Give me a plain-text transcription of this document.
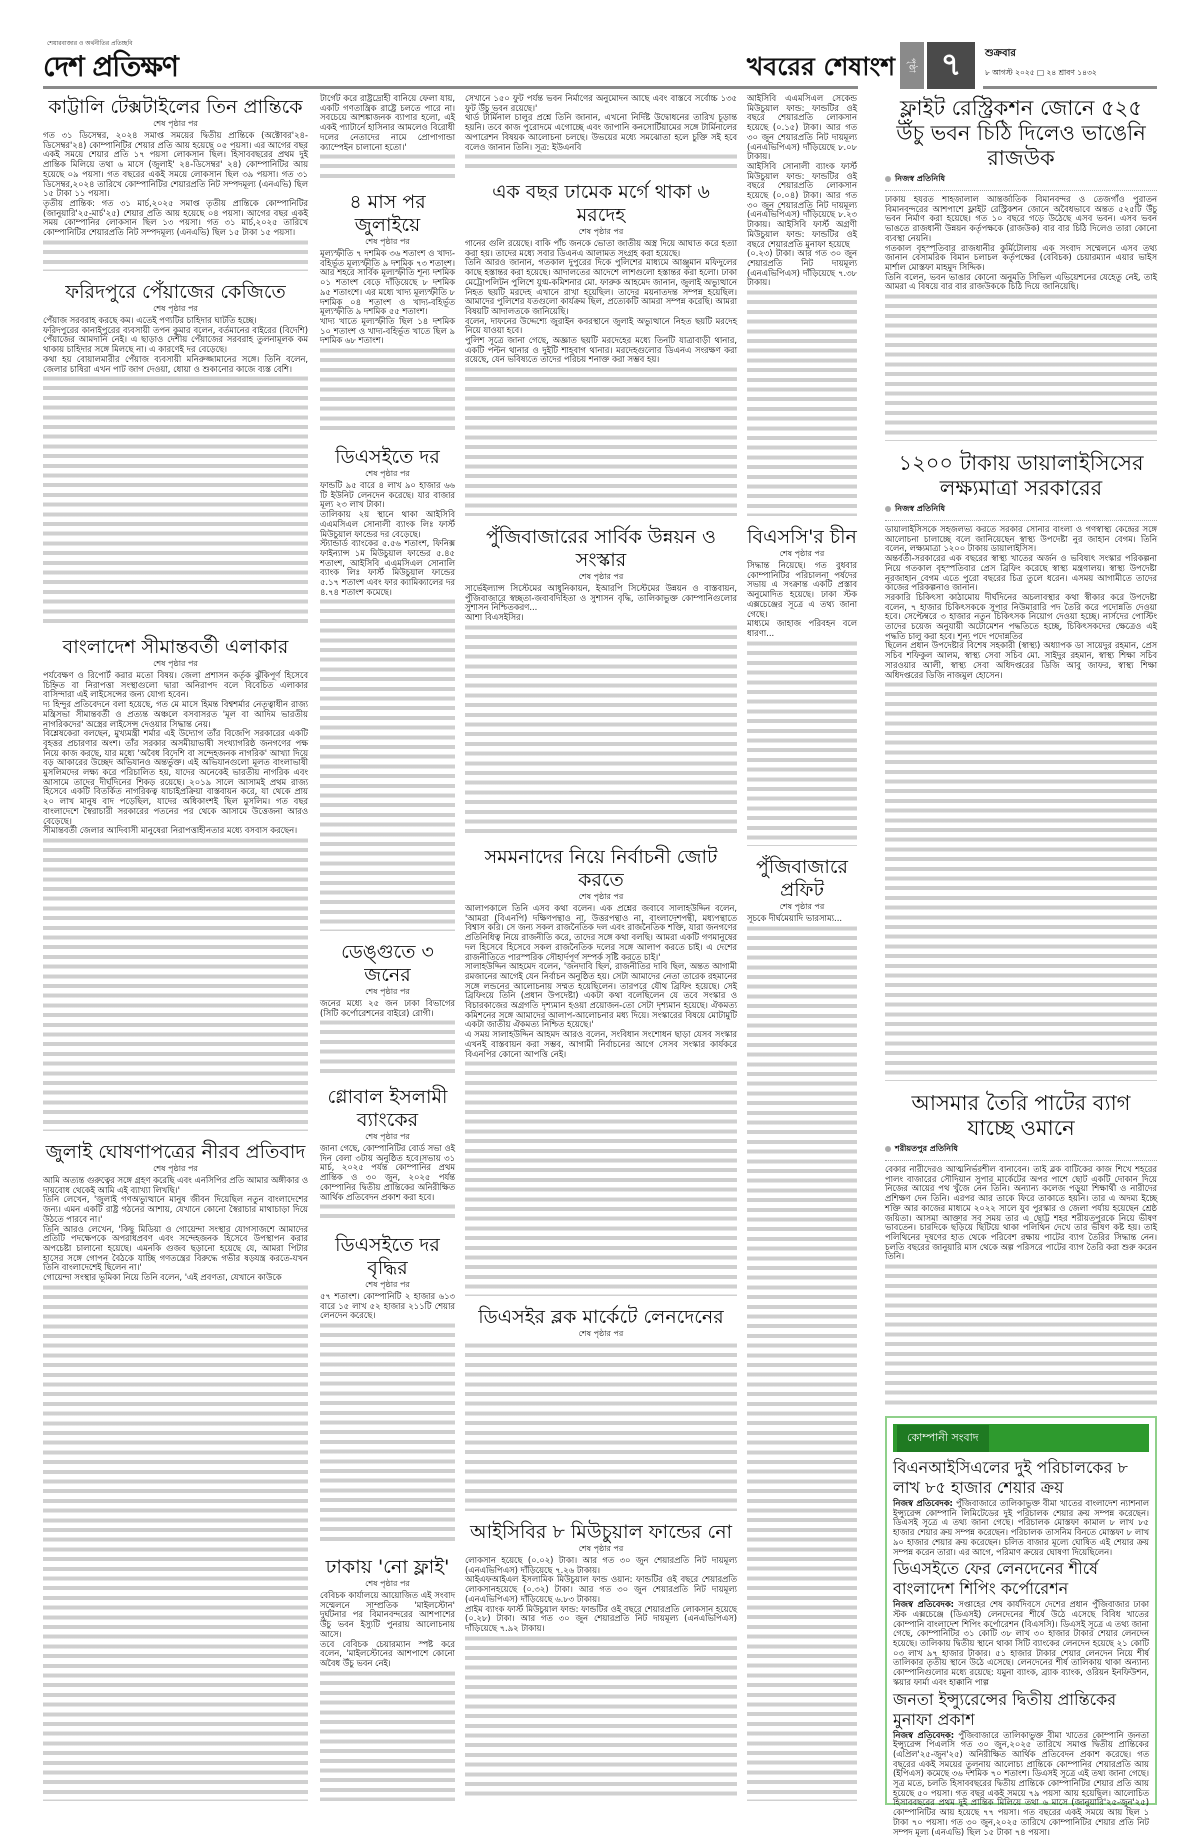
শেয়ারবাজার ও অর্থনীতির প্রতিচ্ছবি
দেশ প্রতিক্ষণ	খবরের শেষাংশ	পৃষ্ঠা ৭	শুক্রবার
৮ আগস্ট ২০২৫ □ ২৪ শ্রাবণ ১৪৩২
কাট্টালি টেক্সটাইলের তিন প্রান্তিকে
শেষ পৃষ্ঠার পর

গত ৩১ ডিসেম্বর, ২০২৪ সমাপ্ত সময়ের দ্বিতীয় প্রান্তিকে (অক্টোবর'২৪-ডিসেম্বর'২৪) কোম্পানিটির শেয়ার প্রতি আয় হয়েছে ০৫ পয়সা। এর আগের বছর একই সময়ে শেয়ার প্রতি ১৭ পয়সা লোকসান ছিল। হিসাববছরের প্রথম দুই প্রান্তিক মিলিয়ে তথা ৬ মাসে (জুলাই' ২৪-ডিসেম্বর' ২৪) কোম্পানিটির আয় হয়েছে ০৯ পয়সা। গত বছরের একই সময়ে লোকসান ছিল ৩৯ পয়সা। গত ৩১ ডিসেম্বর,২০২৪ তারিখে কোম্পানিটির শেয়ারপ্রতি নিট সম্পদমূল্য (এনএভি) ছিল ১৫ টাকা ১১ পয়সা।

তৃতীয় প্রান্তিক: গত ৩১ মার্চ,২০২৫ সমাপ্ত তৃতীয় প্রান্তিকে কোম্পানিটির (জানুয়ারি'২৫-মার্চ'২৫) শেয়ার প্রতি আয় হয়েছে ০৪ পয়সা। আগের বছর একই সময় কোম্পানির লোকসান ছিল ১৩ পয়সা। গত ৩১ মার্চ,২০২৫ তারিখে কোম্পানিটির শেয়ারপ্রতি নিট সম্পদমূল্য (এনএভি) ছিল ১৫ টাকা ১৫ পয়সা।

ফরিদপুরে পেঁয়াজের কেজিতে
শেষ পৃষ্ঠার পর

পেঁয়াজ সরবরাহ করছে কম। এতেই পণ্যটির চাহিদার ঘাটতি হচ্ছে।

ফরিদপুরের কানাইপুরের ব্যবসায়ী তপন কুমার বলেন, বর্তমানের বাইরের (বিদেশি) পেঁয়াজের আমদানি নেই। এ ছাড়াও দেশীয় পেঁয়াজের সরবরাহ তুলনামূলক কম থাকায় চাহিদার সঙ্গে মিলছে না। এ কারণেই দর বেড়েছে।

কথা হয় বোয়ালমারীর পেঁয়াজ ব্যবসায়ী মনিরুজ্জামানের সঙ্গে। তিনি বলেন, জেলার চাষিরা এখন পাট জাগ দেওয়া, ধোয়া ও শুকানোর কাজে ব্যস্ত বেশি।

বাংলাদেশ সীমান্তবর্তী এলাকার
শেষ পৃষ্ঠার পর

পর্যবেক্ষণ ও রিপোর্ট করার মতো বিষয়। জেলা প্রশাসন কর্তৃক ঝুঁকিপূর্ণ হিসেবে চিহ্নিত বা নিরাপত্তা সংস্থাগুলো দ্বারা অনিরাপদ বলে বিবেচিত এলাকার বাসিন্দারা এই লাইসেন্সের জন্য যোগ্য হবেন।

দ্য হিন্দুর প্রতিবেদনে বলা হয়েছে, গত মে মাসে হিমন্ত বিশ্বশর্মার নেতৃত্বাধীন রাজ্য মন্ত্রিসভা সীমান্তবর্তী ও প্রত্যন্ত অঞ্চলে বসবাসরত 'মূল বা আদিম ভারতীয় নাগরিকদের' অস্ত্রের লাইসেন্স দেওয়ার সিদ্ধান্ত নেয়।

বিশ্লেষকেরা বলছেন, মুখ্যমন্ত্রী শর্মার এই উদ্যোগ তাঁর বিজেপি সরকারের একটি বৃহত্তর প্রচারণার অংশ। তাঁর সরকার অসমীয়াভাষী সংখ্যাগরিষ্ঠ জনগণের পক্ষ নিয়ে কাজ করছে, যার মধ্যে 'অবৈধ বিদেশি বা সন্দেহজনক নাগরিক' আখ্যা দিয়ে বড় আকারের উচ্ছেদ অভিযানও অন্তর্ভুক্ত। এই অভিযানগুলো মূলত বাংলাভাষী মুসলিমদের লক্ষ্য করে পরিচালিত হয়, যাদের অনেকেই ভারতীয় নাগরিক এবং আসামে তাদের দীর্ঘদিনের শিকড় রয়েছে। ২০১৯ সালে আসামই প্রথম রাজ্য হিসেবে একটি বিতর্কিত নাগরিকত্ব যাচাইপ্রক্রিয়া বাস্তবায়ন করে, যা থেকে প্রায় ২০ লাখ মানুষ বাদ পড়েছিল, যাদের অধিকাংশই ছিল মুসলিম। গত বছর বাংলাদেশে স্বৈরাচারী সরকারের পতনের পর থেকে আসামে উত্তেজনা আরও বেড়েছে।

সীমান্তবর্তী জেলার আদিবাসী মানুষেরা নিরাপত্তাহীনতার মধ্যে বসবাস করছেন।

জুলাই ঘোষণাপত্রের নীরব প্রতিবাদ
শেষ পৃষ্ঠার পর

আমি অত্যন্ত গুরুত্বের সঙ্গে গ্রহণ করেছি এবং এনসিপির প্রতি আমার অঙ্গীকার ও দায়বোধ থেকেই আমি এই ব্যাখ্যা লিখছি।'

তিনি লেখেন, 'জুলাই গণঅভ্যুত্থানে মানুষ জীবন দিয়েছিল নতুন বাংলাদেশের জন্য। এমন একটি রাষ্ট্র গঠনের আশায়, যেখানে কোনো স্বৈরাচার মাথাচাড়া দিয়ে উঠতে পারবে না।'

তিনি আরও লেখেন, 'কিছু মিডিয়া ও গোয়েন্দা সংস্থার যোগসাজশে আমাদের প্রতিটি পদক্ষেপকে অপরাধপ্রবণ এবং সন্দেহজনক হিসেবে উপস্থাপন করার অপচেষ্টা চালানো হয়েছে। এমনকি গুজব ছড়ানো হয়েছে যে, আমরা পিটার হাসের সঙ্গে গোপন বৈঠকে যাচ্ছি গণতন্ত্রের বিরুদ্ধে গভীর ষড়যন্ত্র করতে-যখন তিনি বাংলাদেশেই ছিলেন না।'

গোয়েন্দা সংস্থার ভূমিকা নিয়ে তিনি বলেন, 'এই প্রবণতা, যেখানে কাউকে

টার্গেট করে রাষ্ট্রদ্রোহী বানিয়ে ফেলা যায়, একটি গণতান্ত্রিক রাষ্ট্রে চলতে পারে না। সবচেয়ে আশঙ্কাজনক ব্যাপার হলো, এই একই প্যাটার্নে হাসিনার আমলেও বিরোধী দলের নেতাদের নামে প্রোপাগান্ডা ক্যাম্পেইন চালানো হতো।'

৪ মাস পর জুলাইয়ে
শেষ পৃষ্ঠার পর

মূল্যস্ফীতি ৭ দশমিক ৩৬ শতাংশ ও খাদ্য-বহির্ভূত মূল্যস্ফীতি ৯ দশমিক ৭৩ শতাংশ। আর শহরে সার্বিক মূল্যস্ফীতি শূন্য দশমিক ০১ শতাংশ বেড়ে দাঁড়িয়েছে ৮ দশমিক ৯৫ শতাংশে। এর মধ্যে খাদ্য মূল্যস্ফীতি ৮ দশমিক ০৪ শতাংশ ও খাদ্য-বহির্ভূত মূল্যস্ফীতি ৯ দশমিক ৫৫ শতাংশ।

খাদ্য খাতে মূল্যস্ফীতি ছিল ১৪ দশমিক ১০ শতাংশ ও খাদ্য-বহির্ভূত খাতে ছিল ৯ দশমিক ৬৮ শতাংশ।

ডিএসইতে দর
শেষ পৃষ্ঠার পর

ফান্ডটি ৯৫ বারে ৪ লাখ ৯০ হাজার ৬৬ টি ইউনিট লেনদেন করেছে। যার বাজার মূল্য ২৩ লাখ টাকা।

তালিকায় ২য় স্থানে থাকা আইসিবি এএমসিএল সোনালী ব্যাংক লিঃ ফার্স্ট মিউচুয়াল ফান্ডের দর বেড়েছে।

স্ট্যান্ডার্ড ব্যাংকের ৫.৫৬ শতাংশ, ফিনিক্স ফাইন্যান্স ১ম মিউচুয়াল ফান্ডের ৫.৪৫ শতাংশ, আইসিবি এএমসিএল সোনালি ব্যাংক লিঃ ফার্স্ট মিউচুয়াল ফান্ডের ৫.১৭ শতাংশ এবং ফার ক্যামিক্যালের দর ৪.৭৪ শতাংশ কমেছে।

ডেঙ্গুতে ৩ জনের
শেষ পৃষ্ঠার পর

জনের মধ্যে ২৫ জন ঢাকা বিভাগের (সিটি কর্পোরেশনের বাইরে) রোগী।

গ্লোবাল ইসলামী ব্যাংকের
শেষ পৃষ্ঠার পর

জানা গেছে, কোম্পানিটির বোর্ড সভা ওই দিন বেলা ৩টায় অনুষ্ঠিত হবে।সভায় ৩১ মার্চ, ২০২৫ পর্যন্ত কোম্পানির প্রথম প্রান্তিক ও ৩০ জুন, ২০২৫ পর্যন্ত কোম্পানির দ্বিতীয় প্রান্তিকের অনিরীক্ষিত আর্থিক প্রতিবেদন প্রকাশ করা হবে।

ডিএসইতে দর বৃদ্ধির
শেষ পৃষ্ঠার পর

৫৭ শতাংশ। কোম্পানিটি ২ হাজার ৬১৩ বারে ১৫ লাখ ৫২ হাজার ২১১টি শেয়ার লেনদেন করেছে।

ঢাকায় 'নো ফ্লাই'
শেষ পৃষ্ঠার পর

বেবিচক কার্যালয়ে আয়োজিত এই সংবাদ সম্মেলনে সাম্প্রতিক 'মাইলস্টোন' দুর্ঘটনার পর বিমানবন্দরের আশপাশের উঁচু ভবন ইস্যুটি পুনরায় আলোচনায় আসে।

তবে বেবিচক চেয়ারম্যান স্পষ্ট করে বলেন, 'মাইলস্টোনের আশপাশে কোনো অবৈধ উঁচু ভবন নেই।

সেখানে ১৫০ ফুট পর্যন্ত ভবন নির্মাণের অনুমোদন আছে এবং বাস্তবে সর্বোচ্চ ১৩৫ ফুট উঁচু ভবন রয়েছে।'

থার্ড টার্মিনাল চালুর প্রশ্নে তিনি জানান, এখনো নির্দিষ্ট উদ্বোধনের তারিখ চূড়ান্ত হয়নি। তবে কাজ পুরোদমে এগোচ্ছে এবং জাপানি কনসোর্টিয়ামের সঙ্গে টার্মিনালের অপারেশন বিষয়ক আলোচনা চলছে। উভয়ের মধ্যে সমঝোতা হলে চুক্তি সই হবে বলেও জানান তিনি। সূত্র: ইউএনবি

এক বছর ঢামেক মর্গে থাকা ৬ মরদেহ
শেষ পৃষ্ঠার পর

গানের গুলি রয়েছে। বাকি পাঁচ জনকে ভোতা জাতীয় অস্ত্র দিয়ে আঘাত করে হত্যা করা হয়। তাদের মধ্যে সবার ডিএনএ আলামত সংগ্রহ করা হয়েছে।

তিনি আরও জানান, গতকাল দুপুরের দিকে পুলিশের মাধ্যমে আঞ্জুমান মফিদুলের কাছে হস্তান্তর করা হয়েছে। আদালতের আদেশে লাশগুলো হস্তান্তর করা হলো। ঢাকা মেট্রোপলিটন পুলিশে যুগ্ম-কমিশনার মো. ফারুক আহমেদ জানান, জুলাই অভ্যুত্থানে নিহত ছয়টি মরদেহ এখানে রাখা হয়েছিল। তাদের ময়নাতদন্ত সম্পন্ন হয়েছিল। আমাদের পুলিশের যতগুলো কার্যক্রম ছিল, প্রত্যেকটি আমরা সম্পন্ন করেছি। আমরা বিষয়টি আদালতকে জানিয়েছি।

বলেন, দাফনের উদ্দেশ্যে জুরাইন কবরস্থানে জুলাই অভ্যুত্থানে নিহত ছয়টি মরদেহ নিয়ে যাওয়া হবে।

পুলিশ সূত্রে জানা গেছে, অজ্ঞাত ছয়টি মরদেহের মধ্যে তিনটি যাত্রাবাড়ী থানার, একটি পল্টন থানার ও দুইটি শাহবাগ থানার। মরদেহগুলোর ডিএনএ সংরক্ষণ করা রয়েছে, যেন ভবিষ্যতে তাদের পরিচয় শনাক্ত করা সম্ভব হয়।

পুঁজিবাজারের সার্বিক উন্নয়ন ও সংস্কার
শেষ পৃষ্ঠার পর

সার্ভেইল্যান্স সিস্টেমের আধুনিকায়ন, ইআরপি সিস্টেমের উন্নয়ন ও বাস্তবায়ন, পুঁজিবাজারে স্বচ্ছতা-জবাবদিহিতা ও সুশাসন বৃদ্ধি, তালিকাভুক্ত কোম্পানিগুলোর সুশাসন নিশ্চিতকরণ...

আশা বিএসইসির।

সমমনাদের নিয়ে নির্বাচনী জোট করতে
শেষ পৃষ্ঠার পর

আলাপকালে তিনি এসব কথা বলেন। এক প্রশ্নের জবাবে সালাহউদ্দিন বলেন, 'আমরা (বিএনপি) দক্ষিণপন্থাও না, উত্তরপন্থাও না, বাংলাদেশপন্থী, মধ্যপন্থাতে বিশ্বাস করি। সে জন্য সকল রাজনৈতিক দল এবং রাজনৈতিক শক্তি, যারা জনগণের প্রতিনিধিত্ব নিয়ে রাজনীতি করে, তাদের সঙ্গে কথা বলছি। আমরা একটি গণমানুষের দল হিসেবে হিসেবে সকল রাজনৈতিক দলের সঙ্গে আলাপ করতে চাই। এ দেশের রাজনীতিতে পারস্পরিক সৌহার্দপূর্ণ সম্পর্ক সৃষ্টি করতে চাই।'

সালাহউদ্দিন আহমেদ বলেন, 'জনদাবি ছিল, রাজনীতির দাবি ছিল, অন্তত আগামী রমজানের আগেই যেন নির্বাচন অনুষ্ঠিত হয়। সেটা আমাদের নেতা তারেক রহমানের সঙ্গে লন্ডনের আলোচনায় সম্মত হয়েছিলেন। তারপরে যৌথ ব্রিফিং হয়েছে। সেই ব্রিফিংয়ে তিনি (প্রধান উপদেষ্টা) একটা কথা বলেছিলেন যে তবে সংস্কার ও বিচারকাজের অগ্রগতি দৃশ্যমান হওয়া প্রয়োজন-তো সেটা দৃশ্যমান হয়েছে। ঐকমত্য কমিশনের সঙ্গে আমাদের আলাপ-আলোচনার মধ্য দিয়ে। সংস্কারের বিষয়ে মোটামুটি একটা জাতীয় ঐকমত্য নিশ্চিত হয়েছে।'

এ সময় সালাহউদ্দিন আহমদ আরও বলেন, সংবিধান সংশোধন ছাড়া যেসব সংস্কার এখনই বাস্তবায়ন করা সম্ভব, আগামী নির্বাচনের আগে সেসব সংস্কার কার্যকরে বিএনপির কোনো আপত্তি নেই।

ডিএসইর ব্লক মার্কেটে লেনদেনের
শেষ পৃষ্ঠার পর
আইসিবির ৮ মিউচুয়াল ফান্ডের নো
শেষ পৃষ্ঠার পর

লোকসান হয়েছে (০.০২) টাকা। আর গত ৩০ জুন শেয়ারপ্রতি নিট দায়মূল্য (এনএভিপিএস) দাঁড়িয়েছে ৭.২৬ টাকায়।

আইএফআইএল ইসলামিক মিউচুয়াল ফান্ড ওয়ান: ফান্ডটির ওই বছরে শেয়ারপ্রতি লোকসানহয়েছে (০.৩২) টাকা। আর গত ৩০ জুন শেয়ারপ্রতি নিট দায়মূল্য (এনএভিপিএস) দাঁড়িয়েছে ৬.৮৩ টাকায়।

প্রাইম ব্যাংক ফার্স্ট মিউচুয়াল ফান্ড: ফান্ডটির ওই বছরে শেয়ারপ্রতি লোকসান হয়েছে (০.২৮) টাকা। আর গত ৩০ জুন শেয়ারপ্রতি নিট দায়মূল্য (এনএভিপিএস) দাঁড়িয়েছে ৭.৯২ টাকায়।

আইসিবি এএমসিএল সেকেন্ড মিউচুয়াল ফান্ড: ফান্ডটির ওই বছরে শেয়ারপ্রতি লোকসান হয়েছে (০.১৫) টাকা। আর গত ৩০ জুন শেয়ারপ্রতি নিট দায়মূল্য (এনএভিপিএস) দাঁড়িয়েছে ৮.০৮ টাকায়।

আইসিবি সোনালী ব্যাংক ফার্স্ট মিউচুয়াল ফান্ড: ফান্ডটির ওই বছরে শেয়ারপ্রতি লোকসান হয়েছে (০.০৪) টাকা। আর গত ৩০ জুন শেয়ারপ্রতি নিট দায়মূল্য (এনএভিপিএস) দাঁড়িয়েছে ৮.২৩ টাকায়। আইসিবি ফার্স্ট অগ্রণী মিউচুয়াল ফান্ড: ফান্ডটির ওই বছরে শেয়ারপ্রতি মুনাফা হয়েছে

(০.২৩) টাকা। আর গত ৩০ জুন শেয়ারপ্রতি নিট দায়মূল্য (এনএভিপিএস) দাঁড়িয়েছে ৭.৩৮ টাকায়।

বিএসসি'র চীন
শেষ পৃষ্ঠার পর

সিদ্ধান্ত নিয়েছে। গত বুধবার কোম্পানিটির পরিচালনা পর্ষদের সভায় এ সংক্রান্ত একটি প্রস্তাব অনুমোদিত হয়েছে। ঢাকা স্টক এক্সচেঞ্জের সূত্রে এ তথ্য জানা গেছে।

মাধ্যমে জাহাজ পরিবহন বলে ধারণা...

পুঁজিবাজারে প্রফিট
শেষ পৃষ্ঠার পর

সূচকে দীর্ঘমেয়াদি ভারসাম্য...

ফ্লাইট রেস্ট্রিকশন জোনে ৫২৫ উঁচু ভবন চিঠি দিলেও ভাঙেনি রাজউক
নিজস্ব প্রতিনিধি

ঢাকায় হযরত শাহজালাল আন্তর্জাতিক বিমানবন্দর ও তেজগাঁও পুরাতন বিমানবন্দরের আশপাশে ফ্লাইট রেস্ট্রিকশন জোনে অবৈধভাবে অন্তত ৫২৫টি উঁচু ভবন নির্মাণ করা হয়েছে। গত ১০ বছরে গড়ে উঠেছে এসব ভবন। এসব ভবন ভাঙতে রাজধানী উন্নয়ন কর্তৃপক্ষকে (রাজউক) বার বার চিঠি দিলেও তারা কোনো ব্যবস্থা নেয়নি।

গতকাল বৃহস্পতিবার রাজধানীর কুর্মিটোলায় এক সংবাদ সম্মেলনে এসব তথ্য জানান বেসামরিক বিমান চলাচল কর্তৃপক্ষের (বেবিচক) চেয়ারম্যান এয়ার ভাইস মার্শাল মোস্তফা মাহমুদ সিদ্দিক।

তিনি বলেন, ভবন ভাঙার কোনো অনুমতি সিভিল এভিয়েশনের যেহেতু নেই, তাই আমরা এ বিষয়ে বার বার রাজউককে চিঠি দিয়ে জানিয়েছি।

১২০০ টাকায় ডায়ালাইসিসের লক্ষ্যমাত্রা সরকারের
নিজস্ব প্রতিনিধি

ডায়ালাইসিসকে সহজলভ্য করতে সরকার সোনার বাংলা ও গণস্বাস্থ্য কেন্দ্রের সঙ্গে আলোচনা চালাচ্ছে বলে জানিয়েছেন স্বাস্থ্য উপদেষ্টা নুর জাহান বেগম। তিনি বলেন, লক্ষ্যমাত্রা ১২০০ টাকায় ডায়ালাইসিস।

অন্তর্বর্তী-সরকারের এক বছরের স্বাস্থ্য খাতের অর্জন ও ভবিষ্যৎ সংস্কার পরিকল্পনা নিয়ে গতকাল বৃহস্পতিবার প্রেস ব্রিফিং করেছে স্বাস্থ্য মন্ত্রণালয়। স্বাস্থ্য উপদেষ্টা নূরজাহান বেগম এতে পুরো বছরের চিত্র তুলে ধরেন। এসময় আগামীতে তাদের কাজের পরিকল্পনাও জানান।

সরকারি চিকিৎসা কাঠামোয় দীর্ঘদিনের অচলাবস্থার কথা স্বীকার করে উপদেষ্টা বলেন, ৭ হাজার চিকিৎসককে সুপার নিউমারারি পদ তৈরি করে পদোন্নতি দেওয়া হবে। সেপ্টেম্বরে ৩ হাজার নতুন চিকিৎসক নিয়োগ দেওয়া হচ্ছে। নার্সদের পোস্টিং তাদের চয়েজ অনুযায়ী অটোমেশন পদ্ধতিতে হচ্ছে, চিকিৎসকদের ক্ষেত্রেও এই পদ্ধতি চালু করা হবে। শূন্য পদে পদোন্নতির

ছিলেন প্রধান উপদেষ্টার বিশেষ সহকারী (স্বাস্থ্য) অধ্যাপক ডা সায়েদুর রহমান, প্রেস সচিব শফিকুল আলম, স্বাস্থ্য সেবা সচিব মো. সাইদুর রহমান, স্বাস্থ্য শিক্ষা সচিব সারওয়ার আলী, স্বাস্থ্য সেবা অধিদপ্তরের ডিজি আবু জাফর, স্বাস্থ্য শিক্ষা অধিদপ্তরের ডিজি নাজমুল হোসেন।

আসমার তৈরি পাটের ব্যাগ যাচ্ছে ওমানে
শরীয়তপুর প্রতিনিধি

বেকার নারীদেরও আত্মনির্ভরশীল বানাবেন। তাই ব্লক বাটিকের কাজ শিখে শহরের পালং বাজারের সৌদিয়ান সুপার মার্কেটের অপর পাশে ছোট একটি দোকান দিয়ে নিজের আয়ের পথ খুঁজে নেন তিনি। অন্যান্য কলেজ পড়ুয়া শিক্ষার্থী ও নারীদের প্রশিক্ষণ দেন তিনি। এরপর আর তাকে ফিরে তাকাতে হয়নি। তার এ অদম্য ইচ্ছে শক্তি আর কাজের মাধ্যমে ২০২২ সালে যুব পুরস্কার ও জেলা পর্যায় হয়েছেন শ্রেষ্ঠ জয়িতা। আসমা আক্তার সব সময় তার এ ছোট্ট শহর শরীয়তপুরকে নিয়ে ভীষণ ভাবতেন। চারদিকে ছড়িয়ে ছিটিয়ে থাকা পলিথিন দেখে তার ভীষণ কষ্ট হয়। তাই পলিথিনের দূষণের হাত থেকে পরিবেশ রক্ষায় পাটের ব্যাগ তৈরির সিদ্ধান্ত নেন। চলতি বছরের জানুয়ারি মাস থেকে অল্প পরিসরে পাটের ব্যাগ তৈরি করা শুরু করেন তিনি।

কোম্পানী সংবাদ
বিএনআইসিএলের দুই পরিচালকের ৮ লাখ ৮৫ হাজার শেয়ার ক্রয়

নিজস্ব প্রতিবেদক: পুঁজিবাজারে তালিকাভুক্ত বীমা খাতের বাংলাদেশ ন্যাশনাল ইন্স্যুরেন্স কোম্পানি লিমিটেডের দুই পরিচালক শেয়ার ক্রয় সম্পন্ন করেছেন। ডিএসই সূত্রে এ তথ্য জানা গেছে। পরিচালক মোস্তফা কামাল ৮ লাখ ৮৫ হাজার শেয়ার ক্রয় সম্পন্ন করেছেন। পরিচালক তাসনিম বিনতে মোস্তফা ৮ লাখ ৯০ হাজার শেয়ার ক্রয় করেছেন। চলিত বাজার মূল্যে ঘোষিত এই শেয়ার ক্রয় সম্পন্ন করেন তারা। এর আগে, পরিমাণ ক্রয়ের ঘোষণা দিয়েছিলেন।

ডিএসইতে ফের লেনদেনের শীর্ষে বাংলাদেশ শিপিং কর্পোরেশন

নিজস্ব প্রতিবেদক: সপ্তাহের শেষ কার্যদিবসে দেশের প্রধান পুঁজিবাজার ঢাকা স্টক এক্সচেঞ্জে (ডিএসই) লেনদেনের শীর্ষে উঠে এসেছে বিবিধ খাতের কোম্পানি বাংলাদেশ শিপিং কর্পোরেশন (বিএসসি)। ডিএসই সূত্রে এ তথ্য জানা গেছে, কোম্পানিটির ৩১ কোটি ৩৮ লাখ ৩০ হাজার টাকার শেয়ার লেনদেন হয়েছে। তালিকায় দ্বিতীয় স্থানে থাকা সিটি ব্যাংকের লেনদেন হয়েছে ২১ কোটি ০৩ লাখ ৯৭ হাজার টাকার। ৫১ হাজার টাকার শেয়ার লেনদেন নিয়ে শীর্ষ তালিকার তৃতীয় স্থানে উঠে এসেছে। লেনদেনের শীর্ষ তালিকায় থাকা অন্যান্য কোম্পানিগুলোর মধ্যে রয়েছে: যমুনা ব্যাংক, ব্র্যাক ব্যাংক, ওরিয়ন ইনফিউশন, স্কয়ার ফার্মা এবং হাক্কানি পাল্প

জনতা ইন্স্যুরেন্সের দ্বিতীয় প্রান্তিকের মুনাফা প্রকাশ

নিজস্ব প্রতিবেদক: পুঁজিবাজারে তালিকাভুক্ত বীমা খাতের কোম্পানি জনতা ইন্স্যুরেন্স পিএলসি গত ৩০ জুন,২০২৫ তারিখে সমাপ্ত দ্বিতীয় প্রান্তিকের (এপ্রিল'২৫-জুন'২৫) অনিরীক্ষিত আর্থিক প্রতিবেদন প্রকাশ করেছে। গত বছরের একই সময়ের তুলনায় আলোচ্য প্রান্তিকে কোম্পানির শেয়ারপ্রতি আয় (ইপিএস) কমেছে ৩৬ দশমিক ৭০ শতাংশ। ডিএসই সূত্রে এই তথ্য জানা গেছে। সূত্র মতে, চলতি হিসাববছরের দ্বিতীয় প্রান্তিকে কোম্পানিটির শেয়ার প্রতি আয় হয়েছে ৫০ পয়সা। গত বছর একই সময়ে ৭৯ পয়সা আয় হয়েছিল। আলোচিত হিসাববছরের প্রথম দুই প্রান্তিক মিলিয়ে তথা ৬ মাসে (জানুয়ারি'২৫-জুন'২৫) কোম্পানিটির আয় হয়েছে ৭৭ পয়সা। গত বছরের একই সময়ে আয় ছিল ১ টাকা ৭০ পয়সা। গত ৩০ জুন,২০২৫ তারিখে কোম্পানিটির শেয়ার প্রতি নিট সম্পদ মূল্য (এনএভি) ছিল ১৫ টাকা ৭৪ পয়সা।
